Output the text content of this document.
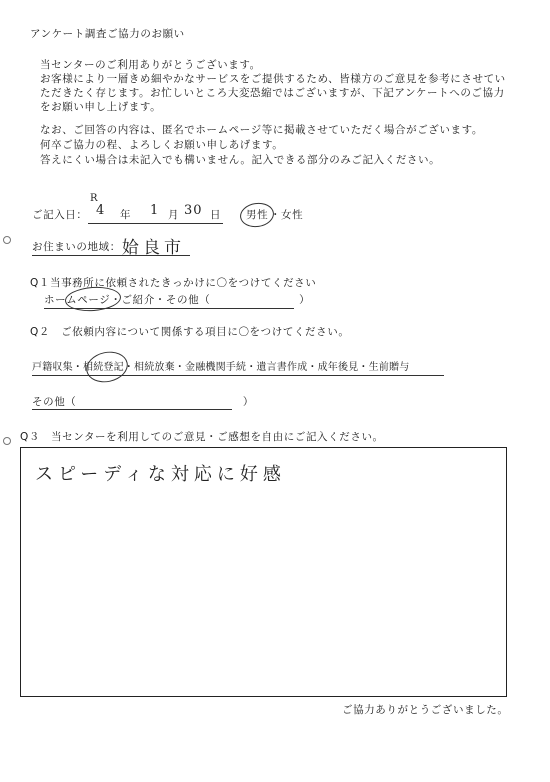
アンケート調査ご協力のお願い
当センターのご利用ありがとうございます。
お客様により一層きめ細やかなサービスをご提供するため、皆様方のご意見を参考にさせてい
ただきたく存じます。お忙しいところ大変恐縮ではございますが、下記アンケートへのご協力
をお願い申し上げます。
なお、ご回答の内容は、匿名でホームページ等に掲載させていただく場合がございます。
何卒ご協力の程、よろしくお願い申しあげます。
答えにくい場合は未記入でも構いません。記入できる部分のみご記入ください。
ご記入日：
R
4 年 1 月 30 日 男性 ・ 女性
お住まいの地域： 姶良市
Q１当事務所に依頼されたきっかけに〇をつけてください
ホームページ・ご紹介・その他（　　　　　　　　）
Q２　ご依頼内容について関係する項目に〇をつけてください。
戸籍収集・相続登記・相続放棄・金融機関手続・遺言書作成・成年後見・生前贈与
その他（　　　　　　　　　　　　　　　）
Q３　当センターを利用してのご意見・ご感想を自由にご記入ください。
スピーディな対応に好感
ご協力ありがとうございました。
